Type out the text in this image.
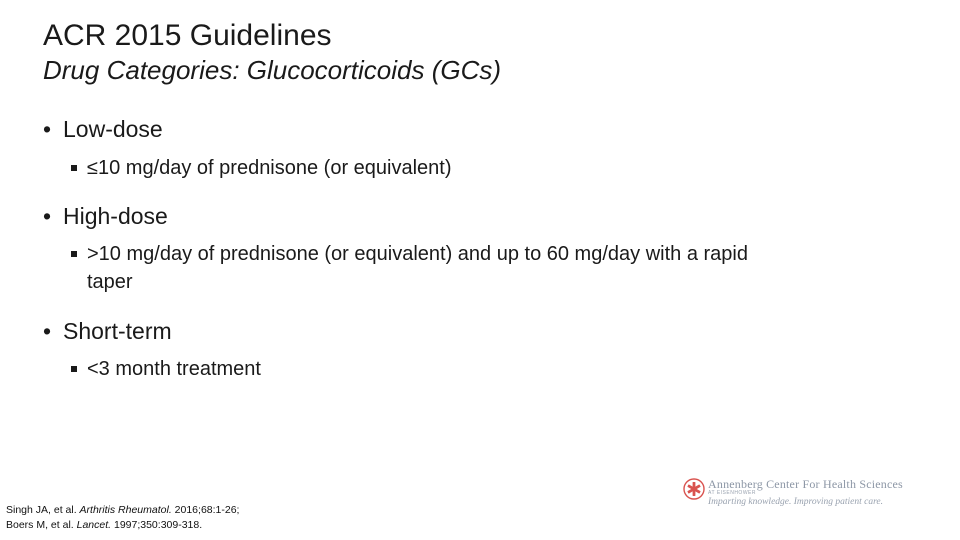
ACR 2015 Guidelines
Drug Categories: Glucocorticoids (GCs)
• Low-dose
≤10 mg/day of prednisone (or equivalent)
• High-dose
>10 mg/day of prednisone (or equivalent) and up to 60 mg/day with a rapid taper
• Short-term
<3 month treatment
Singh JA, et al. Arthritis Rheumatol. 2016;68:1-26;
Boers M, et al. Lancet. 1997;350:309-318.
Annenberg Center For Health Sciences
AT EISENHOWER
Imparting knowledge. Improving patient care.
